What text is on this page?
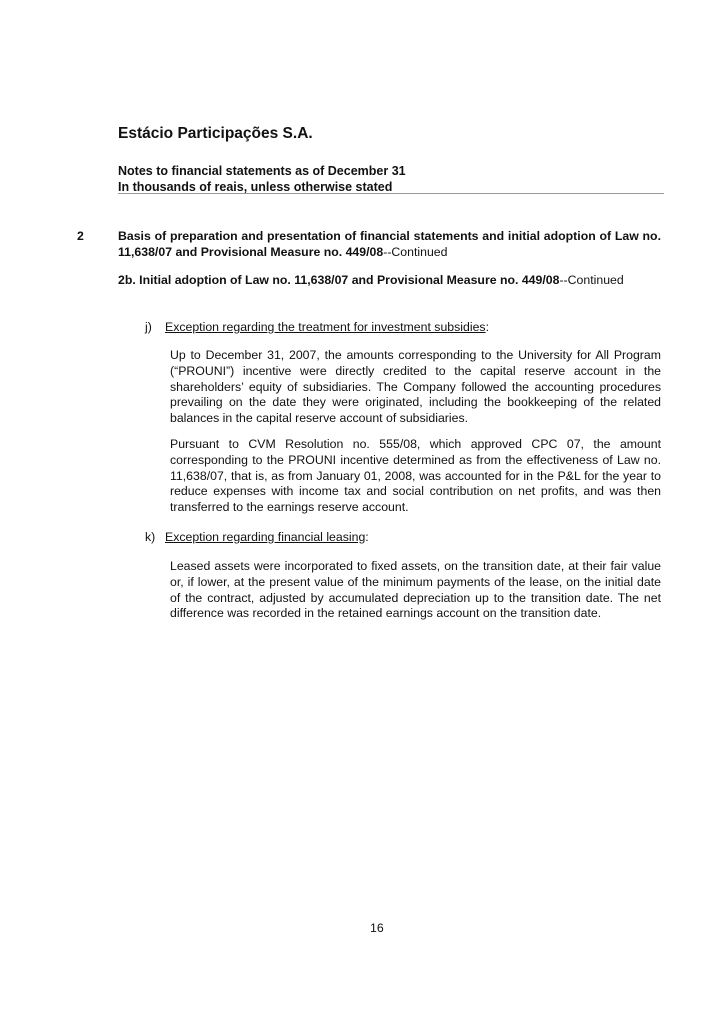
Estácio Participações S.A.
Notes to financial statements as of December 31
In thousands of reais, unless otherwise stated
2	Basis of preparation and presentation of financial statements and initial adoption of Law no. 11,638/07 and Provisional Measure no. 449/08--Continued
2b. Initial adoption of Law no. 11,638/07 and Provisional Measure no. 449/08--Continued
j) Exception regarding the treatment for investment subsidies:
Up to December 31, 2007, the amounts corresponding to the University for All Program (“PROUNI”) incentive were directly credited to the capital reserve account in the shareholders’ equity of subsidiaries. The Company followed the accounting procedures prevailing on the date they were originated, including the bookkeeping of the related balances in the capital reserve account of subsidiaries.
Pursuant to CVM Resolution no. 555/08, which approved CPC 07, the amount corresponding to the PROUNI incentive determined as from the effectiveness of Law no. 11,638/07, that is, as from January 01, 2008, was accounted for in the P&L for the year to reduce expenses with income tax and social contribution on net profits, and was then transferred to the earnings reserve account.
k) Exception regarding financial leasing:
Leased assets were incorporated to fixed assets, on the transition date, at their fair value or, if lower, at the present value of the minimum payments of the lease, on the initial date of the contract, adjusted by accumulated depreciation up to the transition date. The net difference was recorded in the retained earnings account on the transition date.
16
